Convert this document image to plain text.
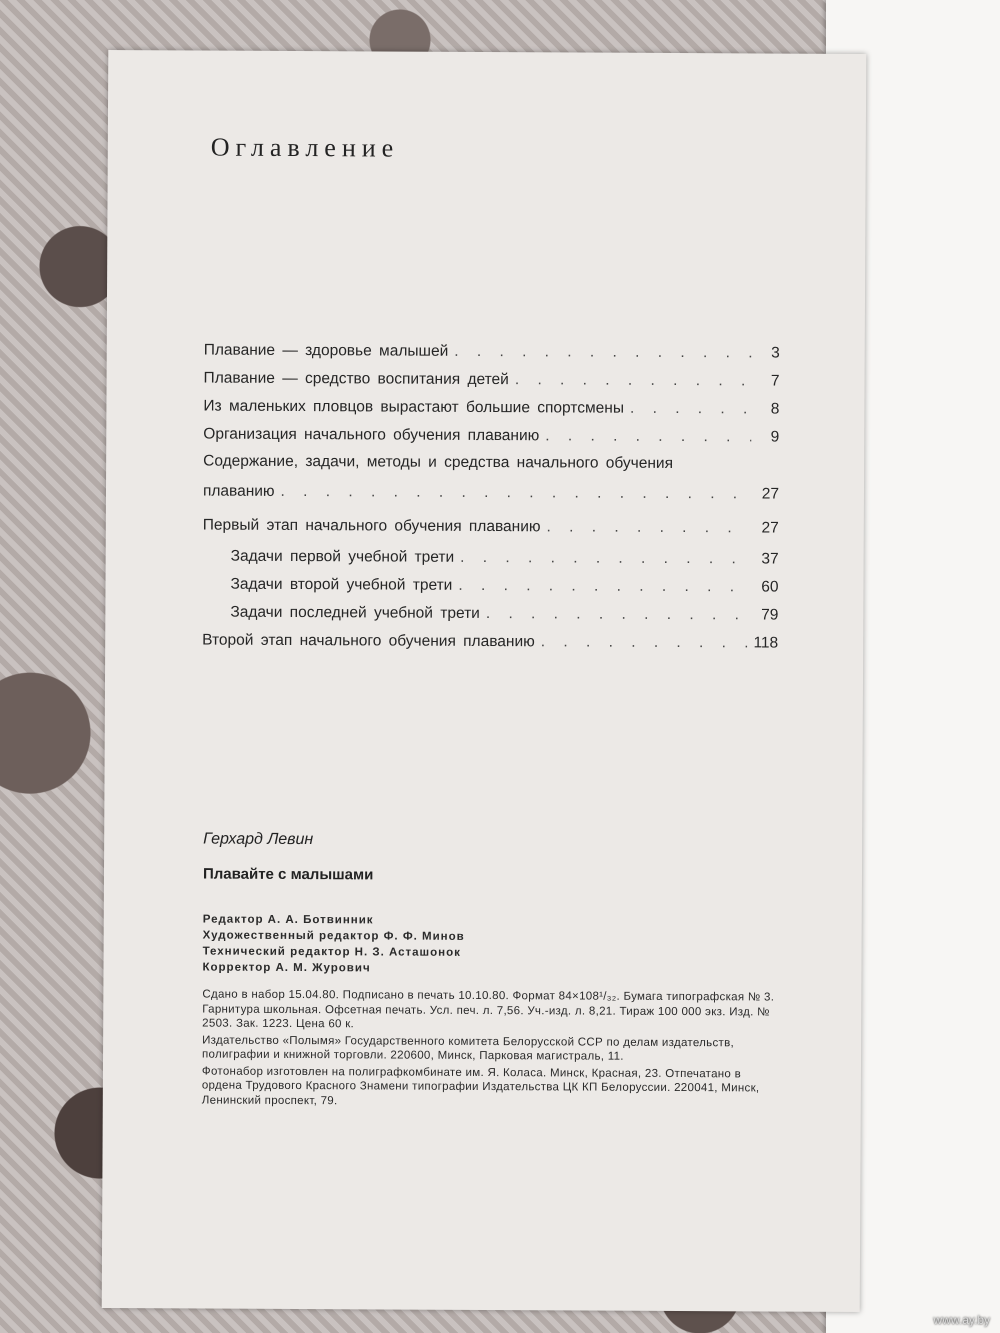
Оглавление
Плавание — здоровье малышей . . .	3
Плавание — средство воспитания детей . . .	7
Из маленьких пловцов вырастают большие спортсмены . . .	8
Организация начального обучения плаванию . . .	9
Содержание, задачи, методы и средства начального обучения
плаванию . . .	27
Первый этап начального обучения плаванию . . .	27
Задачи первой учебной трети . . .	37
Задачи второй учебной трети . . .	60
Задачи последней учебной трети . . .	79
Второй этап начального обучения плаванию . . .	118
Герхард Левин
Плавайте с малышами
Редактор А. А. Ботвинник
Художественный редактор Ф. Ф. Минов
Технический редактор Н. З. Асташонок
Корректор А. М. Журович

Сдано в набор 15.04.80. Подписано в печать 10.10.80. Формат 84×108¹/₃₂. Бумага типографская № 3. Гарнитура школьная. Офсетная печать. Усл. печ. л. 7,56. Уч.-изд. л. 8,21. Тираж 100 000 экз. Изд. № 2503. Зак. 1223. Цена 60 к.

Издательство «Полымя» Государственного комитета Белорусской ССР по делам издательств, полиграфии и книжной торговли. 220600, Минск, Парковая магистраль, 11.

Фотонабор изготовлен на полиграфкомбинате им. Я. Коласа. Минск, Красная, 23. Отпечатано в ордена Трудового Красного Знамени типографии Издательства ЦК КП Белоруссии. 220041, Минск, Ленинский проспект, 79.

www.ay.by
